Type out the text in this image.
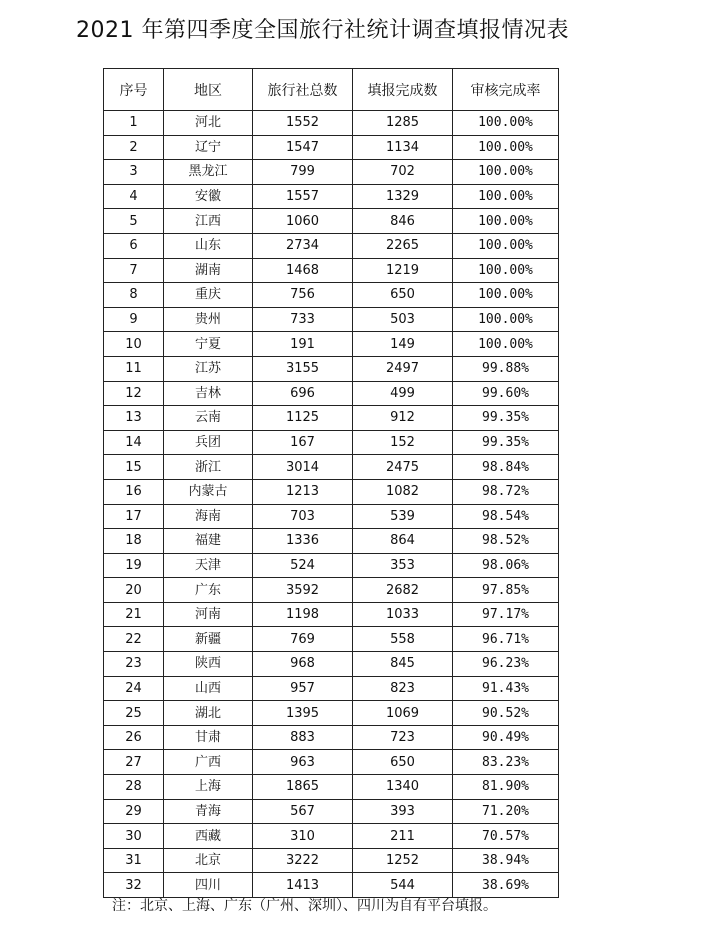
2021 年第四季度全国旅行社统计调查填报情况表
序号	地区	旅行社总数	填报完成数	审核完成率
1	河北	1552	1285	100.00%
2	辽宁	1547	1134	100.00%
3	黑龙江	799	702	100.00%
4	安徽	1557	1329	100.00%
5	江西	1060	846	100.00%
6	山东	2734	2265	100.00%
7	湖南	1468	1219	100.00%
8	重庆	756	650	100.00%
9	贵州	733	503	100.00%
10	宁夏	191	149	100.00%
11	江苏	3155	2497	99.88%
12	吉林	696	499	99.60%
13	云南	1125	912	99.35%
14	兵团	167	152	99.35%
15	浙江	3014	2475	98.84%
16	内蒙古	1213	1082	98.72%
17	海南	703	539	98.54%
18	福建	1336	864	98.52%
19	天津	524	353	98.06%
20	广东	3592	2682	97.85%
21	河南	1198	1033	97.17%
22	新疆	769	558	96.71%
23	陕西	968	845	96.23%
24	山西	957	823	91.43%
25	湖北	1395	1069	90.52%
26	甘肃	883	723	90.49%
27	广西	963	650	83.23%
28	上海	1865	1340	81.90%
29	青海	567	393	71.20%
30	西藏	310	211	70.57%
31	北京	3222	1252	38.94%
32	四川	1413	544	38.69%
注：北京、上海、广东（广州、深圳）、四川为自有平台填报。
